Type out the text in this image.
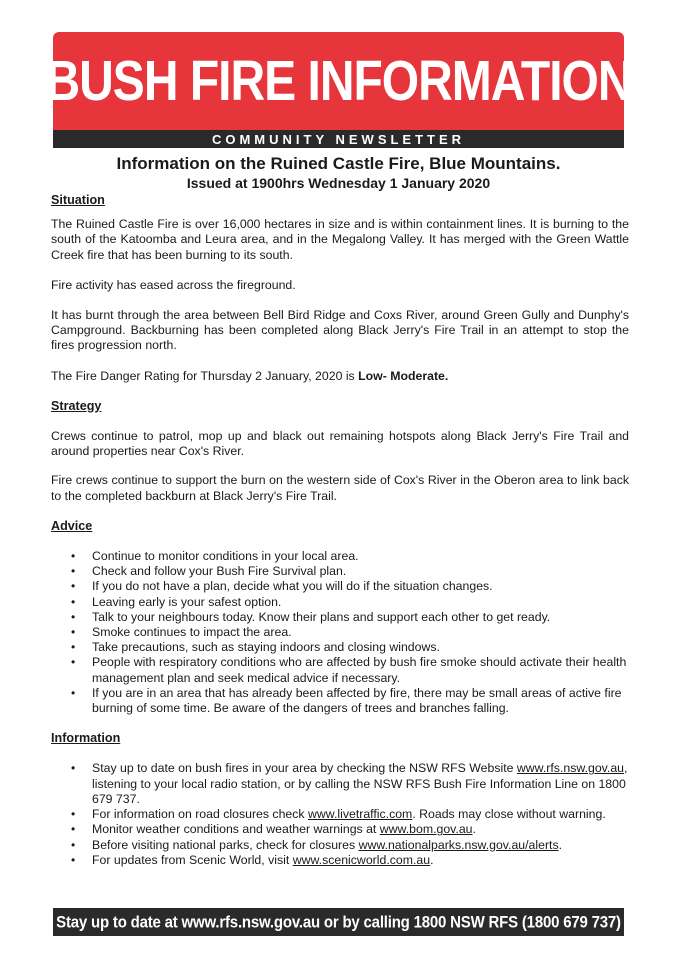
BUSH FIRE INFORMATION
COMMUNITY NEWSLETTER
Information on the Ruined Castle Fire, Blue Mountains.
Issued at 1900hrs Wednesday 1 January 2020

Situation

The Ruined Castle Fire is over 16,000 hectares in size and is within containment lines. It is burning to the south of the Katoomba and Leura area, and in the Megalong Valley. It has merged with the Green Wattle Creek fire that has been burning to its south.

Fire activity has eased across the fireground.

It has burnt through the area between Bell Bird Ridge and Coxs River, around Green Gully and Dunphy's Campground. Backburning has been completed along Black Jerry's Fire Trail in an attempt to stop the fires progression north.

The Fire Danger Rating for Thursday 2 January, 2020 is Low- Moderate.

Strategy

Crews continue to patrol, mop up and black out remaining hotspots along Black Jerry's Fire Trail and around properties near Cox's River.

Fire crews continue to support the burn on the western side of Cox's River in the Oberon area to link back to the completed backburn at Black Jerry's Fire Trail.

Advice

• Continue to monitor conditions in your local area.
• Check and follow your Bush Fire Survival plan.
• If you do not have a plan, decide what you will do if the situation changes.
• Leaving early is your safest option.
• Talk to your neighbours today. Know their plans and support each other to get ready.
• Smoke continues to impact the area.
• Take precautions, such as staying indoors and closing windows.
• People with respiratory conditions who are affected by bush fire smoke should activate their health management plan and seek medical advice if necessary.
• If you are in an area that has already been affected by fire, there may be small areas of active fire burning of some time. Be aware of the dangers of trees and branches falling.

Information

• Stay up to date on bush fires in your area by checking the NSW RFS Website www.rfs.nsw.gov.au, listening to your local radio station, or by calling the NSW RFS Bush Fire Information Line on 1800 679 737.
• For information on road closures check www.livetraffic.com. Roads may close without warning.
• Monitor weather conditions and weather warnings at www.bom.gov.au.
• Before visiting national parks, check for closures www.nationalparks.nsw.gov.au/alerts.
• For updates from Scenic World, visit www.scenicworld.com.au.
Stay up to date at www.rfs.nsw.gov.au or by calling 1800 NSW RFS (1800 679 737)
